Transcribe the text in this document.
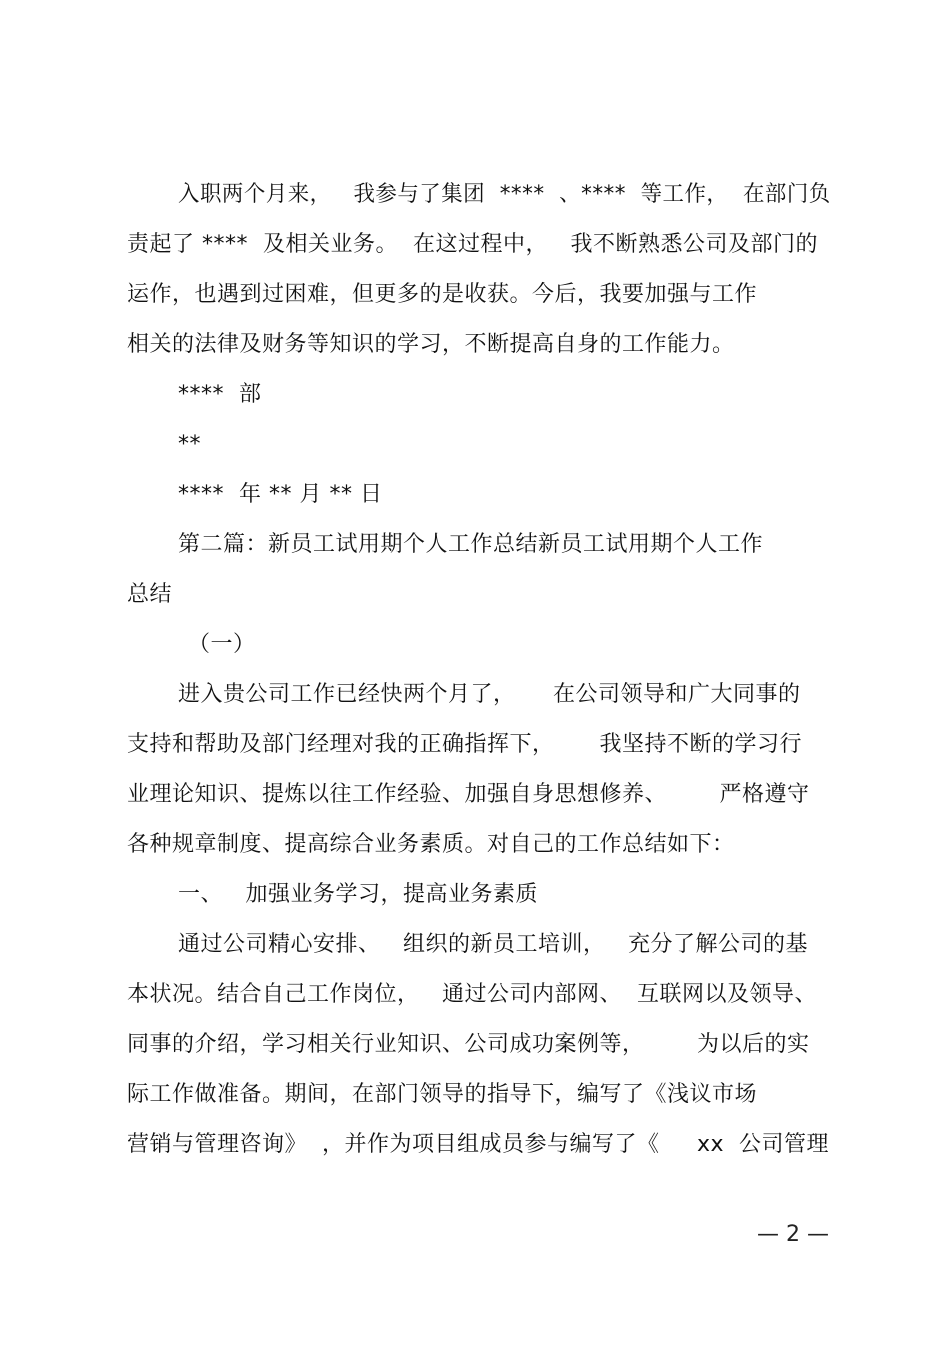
入职两个月来，   我参与了集团  ****  、****  等工作，  在部门负
责起了 ****  及相关业务。  在这过程中，   我不断熟悉公司及部门的
运作，也遇到过困难，但更多的是收获。今后，我要加强与工作
相关的法律及财务等知识的学习，不断提高自身的工作能力。
****  部
**
****  年 ** 月 ** 日
第二篇：新员工试用期个人工作总结新员工试用期个人工作
总结
（一）
进入贵公司工作已经快两个月了，     在公司领导和广大同事的
支持和帮助及部门经理对我的正确指挥下，      我坚持不断的学习行
业理论知识、提炼以往工作经验、加强自身思想修养、       严格遵守
各种规章制度、提高综合业务素质。对自己的工作总结如下：
一、   加强业务学习，提高业务素质
通过公司精心安排、   组织的新员工培训，   充分了解公司的基
本状况。结合自己工作岗位，   通过公司内部网、  互联网以及领导、
同事的介绍，学习相关行业知识、公司成功案例等，       为以后的实
际工作做准备。期间，在部门领导的指导下，编写了《浅议市场
营销与管理咨询》  ，并作为项目组成员参与编写了《     xx  公司管理
— 2 —
